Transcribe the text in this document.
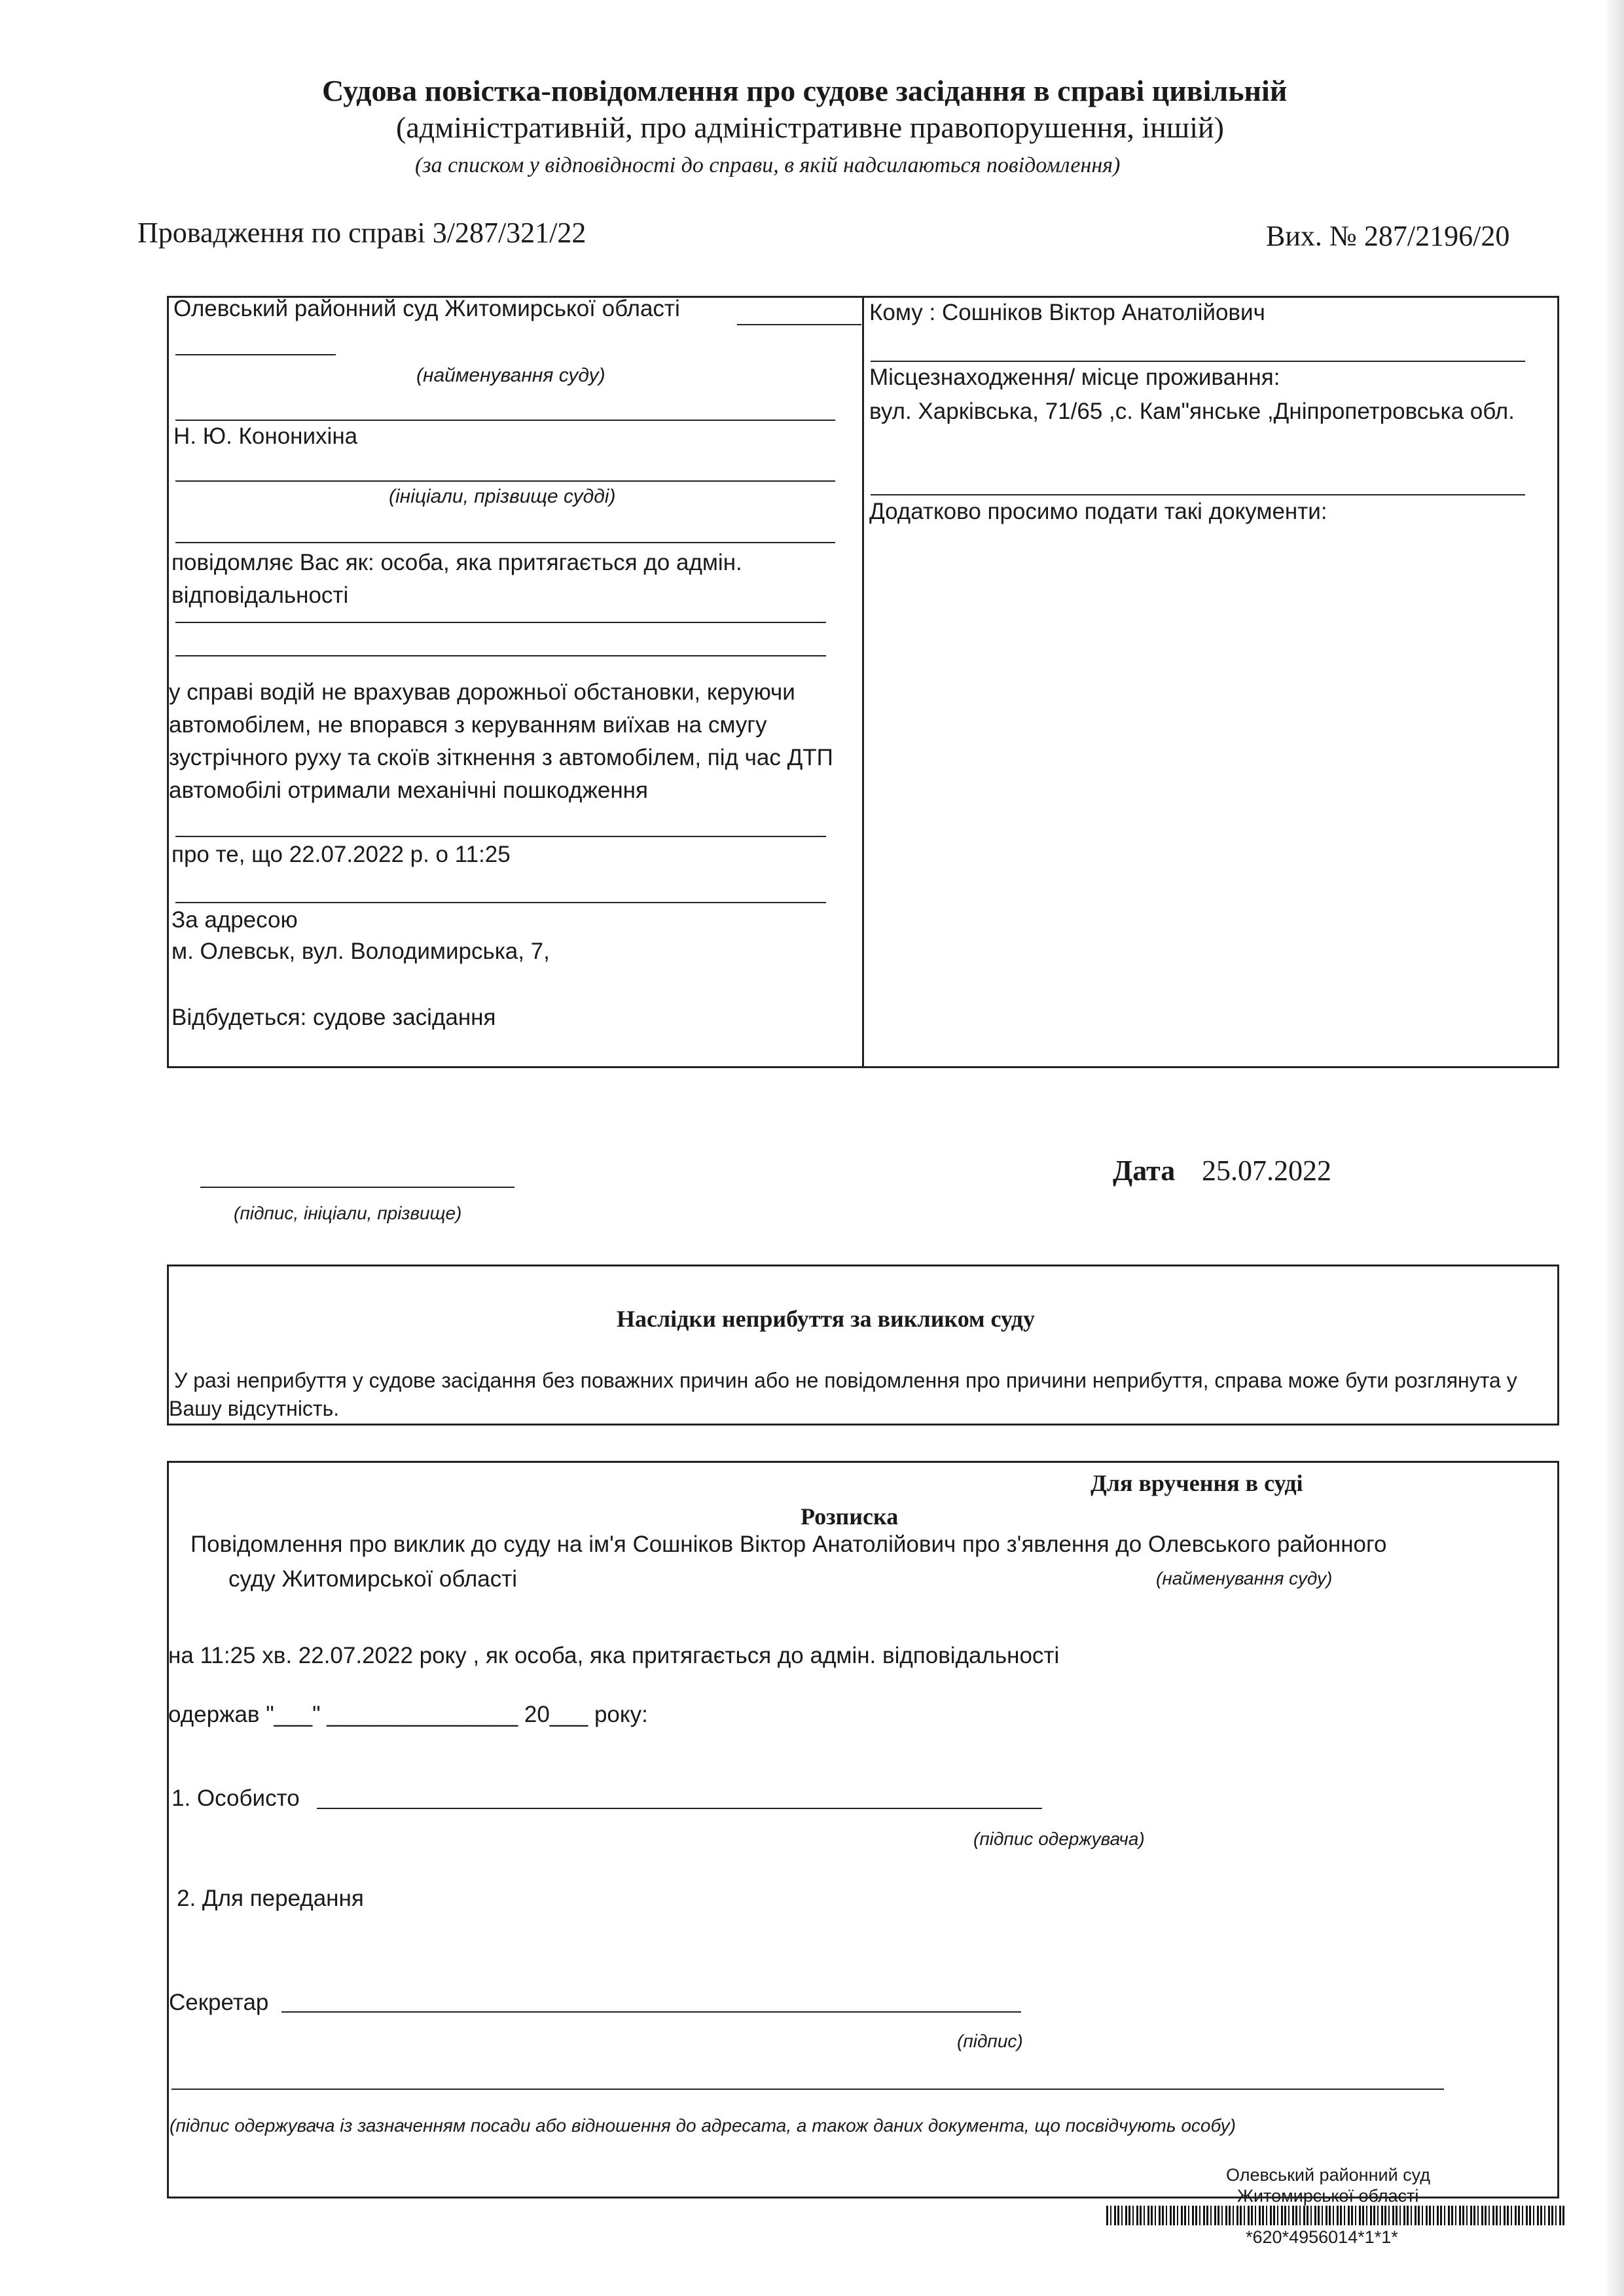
Судова повістка-повідомлення про судове засідання в справі цивільній
(адміністративній, про адміністративне правопорушення, іншій)
(за списком у відповідності до справи, в якій надсилаються повідомлення)
Провадження по справі 3/287/321/22	Вих. № 287/2196/20
Олевський районний суд Житомирської області
(найменування суду)
Н. Ю. Кононихіна
(ініціали, прізвище судді)
повідомляє Вас як: особа, яка притягається до адмін. відповідальності
у справі водій не врахував дорожньої обстановки, керуючи автомобілем, не впорався з керуванням виїхав на смугу зустрічного руху та скоїв зіткнення з автомобілем, під час ДТП автомобілі отримали механічні пошкодження
про те, що 22.07.2022 р. о 11:25
За адресою
м. Олевськ, вул. Володимирська, 7,
Відбудеться: судове засідання
Кому : Сошніков Віктор Анатолійович
Місцезнаходження/ місце проживання:
вул. Харківська, 71/65 ,с. Кам"янське ,Дніпропетровська обл.
Додатково просимо подати такі документи:
(підпис, ініціали, прізвище)
Дата 25.07.2022
Наслідки неприбуття за викликом суду
У разі неприбуття у судове засідання без поважних причин або не повідомлення про причини неприбуття, справа може бути розглянута у Вашу відсутність.
Для вручення в суді
Розписка
Повідомлення про виклик до суду на ім'я Сошніков Віктор Анатолійович про з'явлення до Олевського районного
суду Житомирської області	(найменування суду)
на 11:25 хв. 22.07.2022 року , як особа, яка притягається до адмін. відповідальності
одержав "___" _______________ 20___ року:
1. Особисто
(підпис одержувача)
2. Для передання
Секретар
(підпис)
(підпис одержувача із зазначенням посади або відношення до адресата, а також даних документа, що посвідчують особу)
Олевський районний суд
Житомирської області
*620*4956014*1*1*
